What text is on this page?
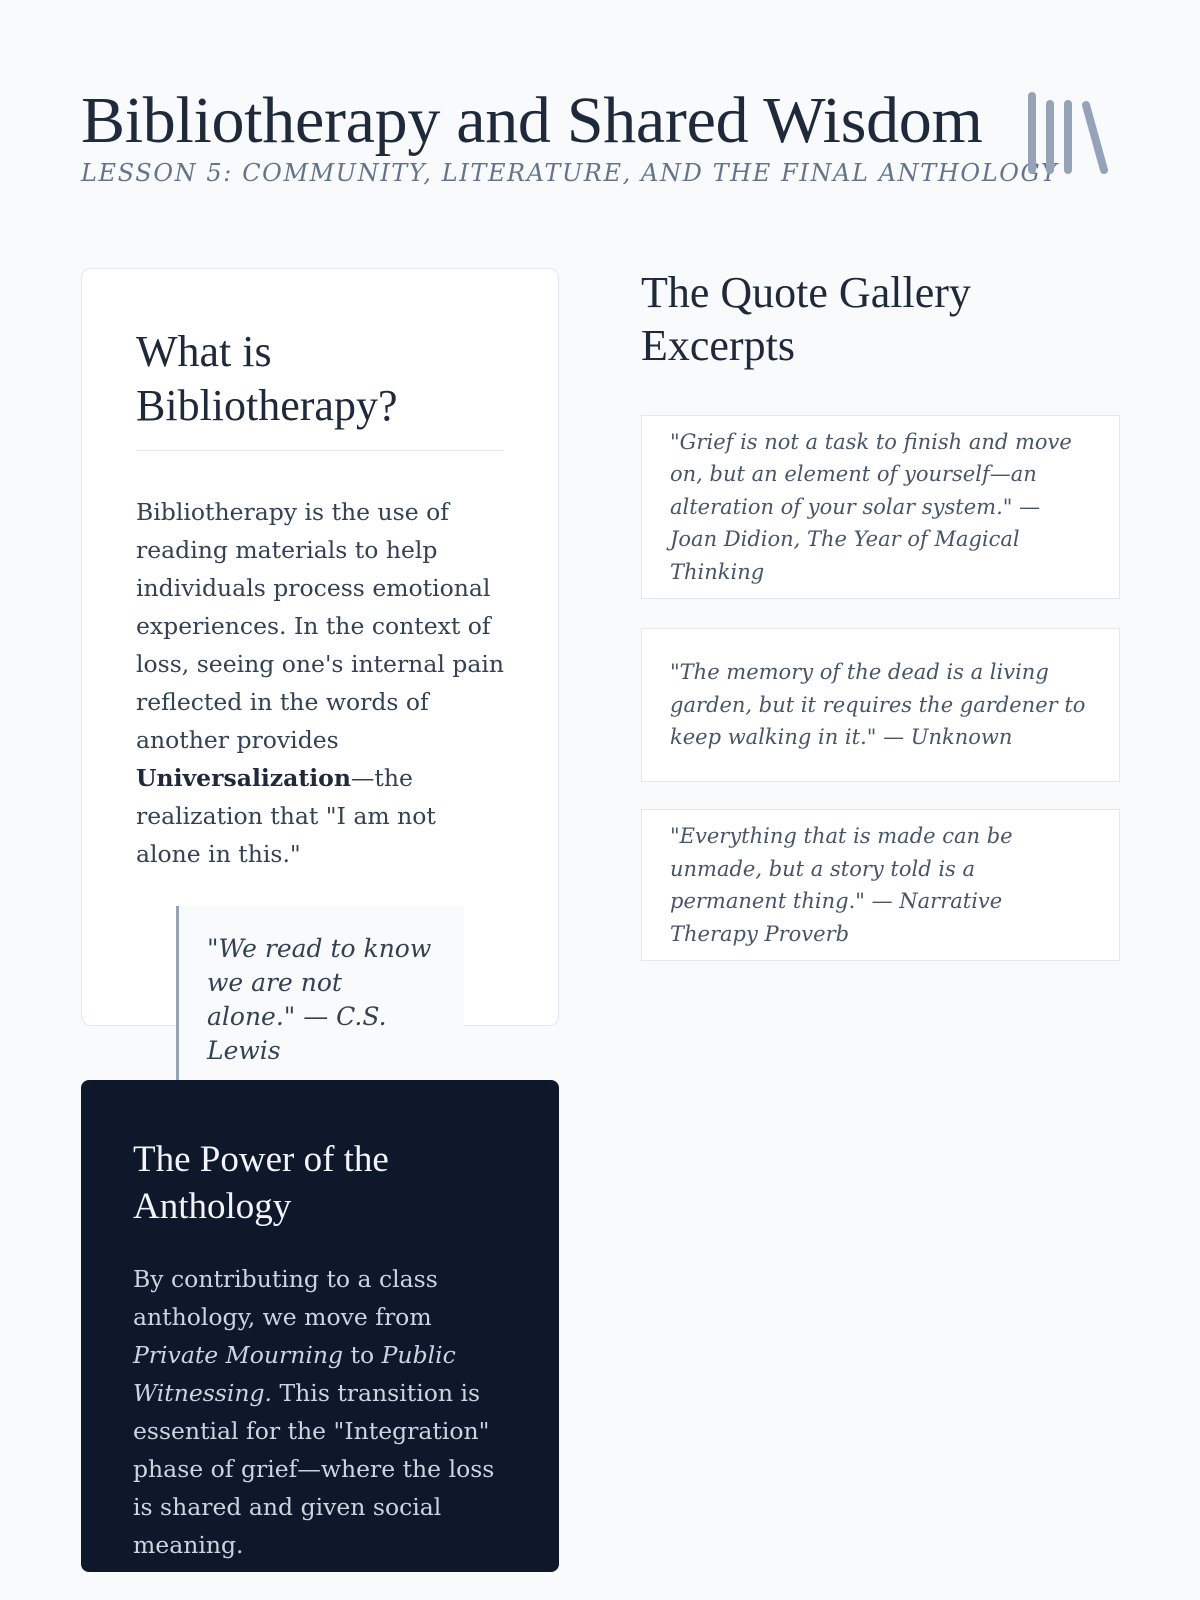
Bibliotherapy and Shared Wisdom

LESSON 5: COMMUNITY, LITERATURE, AND THE FINAL ANTHOLOGY

What is Bibliotherapy?

Bibliotherapy is the use of reading materials to help individuals process emotional experiences. In the context of loss, seeing one's internal pain reflected in the words of another provides Universalization—the realization that "I am not alone in this."

"We read to know we are not alone." — C.S. Lewis
The Quote Gallery Excerpts

"Grief is not a task to finish and move on, but an element of yourself—an alteration of your solar system." — Joan Didion, The Year of Magical Thinking

"The memory of the dead is a living garden, but it requires the gardener to keep walking in it." — Unknown

"Everything that is made can be unmade, but a story told is a permanent thing." — Narrative Therapy Proverb

The Power of the Anthology

By contributing to a class anthology, we move from Private Mourning to Public Witnessing. This transition is essential for the "Integration" phase of grief—where the loss is shared and given social meaning.
